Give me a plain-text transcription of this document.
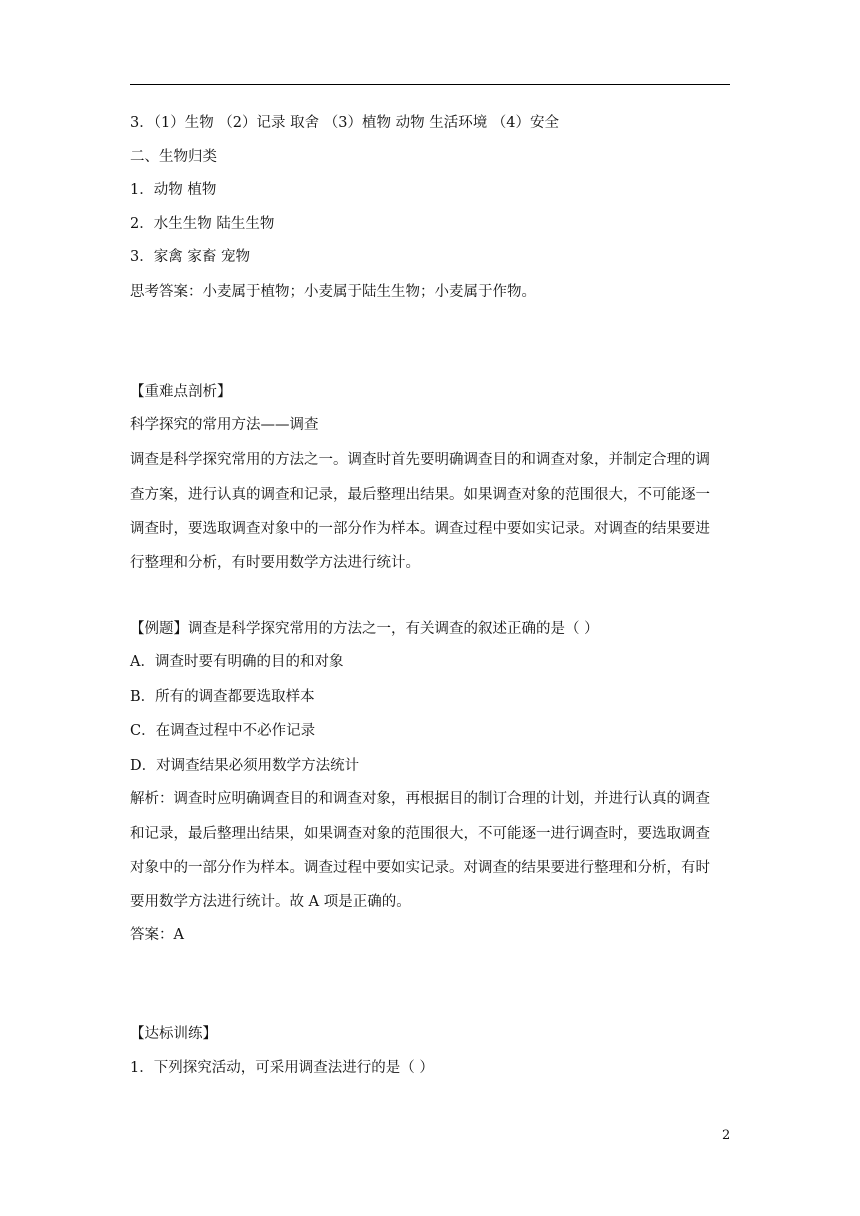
3．（1）生物 （2）记录 取舍 （3）植物 动物 生活环境 （4）安全
二、生物归类
1．动物 植物
2．水生生物 陆生生物
3．家禽 家畜 宠物
思考答案：小麦属于植物；小麦属于陆生生物；小麦属于作物。
【重难点剖析】
科学探究的常用方法——调查
调查是科学探究常用的方法之一。调查时首先要明确调查目的和调查对象，并制定合理的调
查方案，进行认真的调查和记录，最后整理出结果。如果调查对象的范围很大，不可能逐一
调查时，要选取调查对象中的一部分作为样本。调查过程中要如实记录。对调查的结果要进
行整理和分析，有时要用数学方法进行统计。
【例题】调查是科学探究常用的方法之一，有关调查的叙述正确的是（ ）
A．调查时要有明确的目的和对象
B．所有的调查都要选取样本
C．在调查过程中不必作记录
D．对调查结果必须用数学方法统计
解析：调查时应明确调查目的和调查对象，再根据目的制订合理的计划，并进行认真的调查
和记录，最后整理出结果，如果调查对象的范围很大，不可能逐一进行调查时，要选取调查
对象中的一部分作为样本。调查过程中要如实记录。对调查的结果要进行整理和分析，有时
要用数学方法进行统计。故 A 项是正确的。
答案：A
【达标训练】
1．下列探究活动，可采用调查法进行的是（ ）
2
